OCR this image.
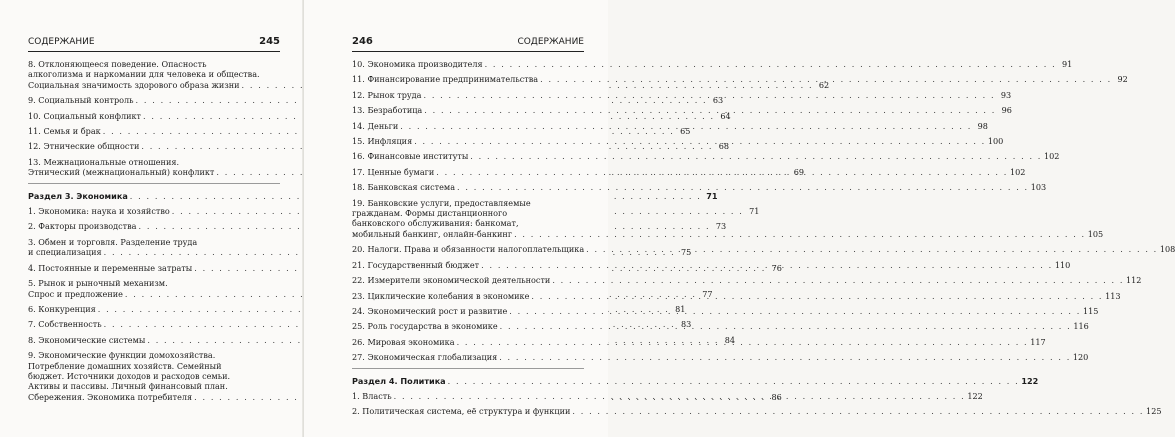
СОДЕРЖАНИЕ	245
8. Отклоняющееся поведение. Опасность
алкоголизма и наркомании для человека и общества.
Социальная значимость здорового образа жизни . . .	62
9. Социальный контроль . . .	63
10. Социальный конфликт . . .	64
11. Семья и брак . . .	65
12. Этнические общности . . .	68
13. Межнациональные отношения.
Этнический (межнациональный) конфликт . . .	69
Раздел 3. Экономика . . .	71
1. Экономика: наука и хозяйство . . .	71
2. Факторы производства . . .	73
3. Обмен и торговля. Разделение труда
и специализация . . .	75
4. Постоянные и переменные затраты . . .	76
5. Рынок и рыночный механизм.
Спрос и предложение . . .	77
6. Конкуренция . . .	81
7. Собственность . . .	83
8. Экономические системы . . .	84
9. Экономические функции домохозяйства.
Потребление домашних хозяйств. Семейный
бюджет. Источники доходов и расходов семьи.
Активы и пассивы. Личный финансовый план.
Сбережения. Экономика потребителя . . .	86
246	СОДЕРЖАНИЕ
10. Экономика производителя . . .	91
11. Финансирование предпринимательства . . .	92
12. Рынок труда . . .	93
13. Безработица . . .	96
14. Деньги . . .	98
15. Инфляция . . .	100
16. Финансовые институты . . .	102
17. Ценные бумаги . . .	102
18. Банковская система . . .	103
19. Банковские услуги, предоставляемые
гражданам. Формы дистанционного
банковского обслуживания: банкомат,
мобильный банкинг, онлайн-банкинг . . .	105
20. Налоги. Права и обязанности налогоплательщика . . .	108
21. Государственный бюджет . . .	110
22. Измерители экономической деятельности . . .	112
23. Циклические колебания в экономике . . .	113
24. Экономический рост и развитие . . .	115
25. Роль государства в экономике . . .	116
26. Мировая экономика . . .	117
27. Экономическая глобализация . . .	120
Раздел 4. Политика . . .	122
1. Власть . . .	122
2. Политическая система, её структура и функции . . .	125
